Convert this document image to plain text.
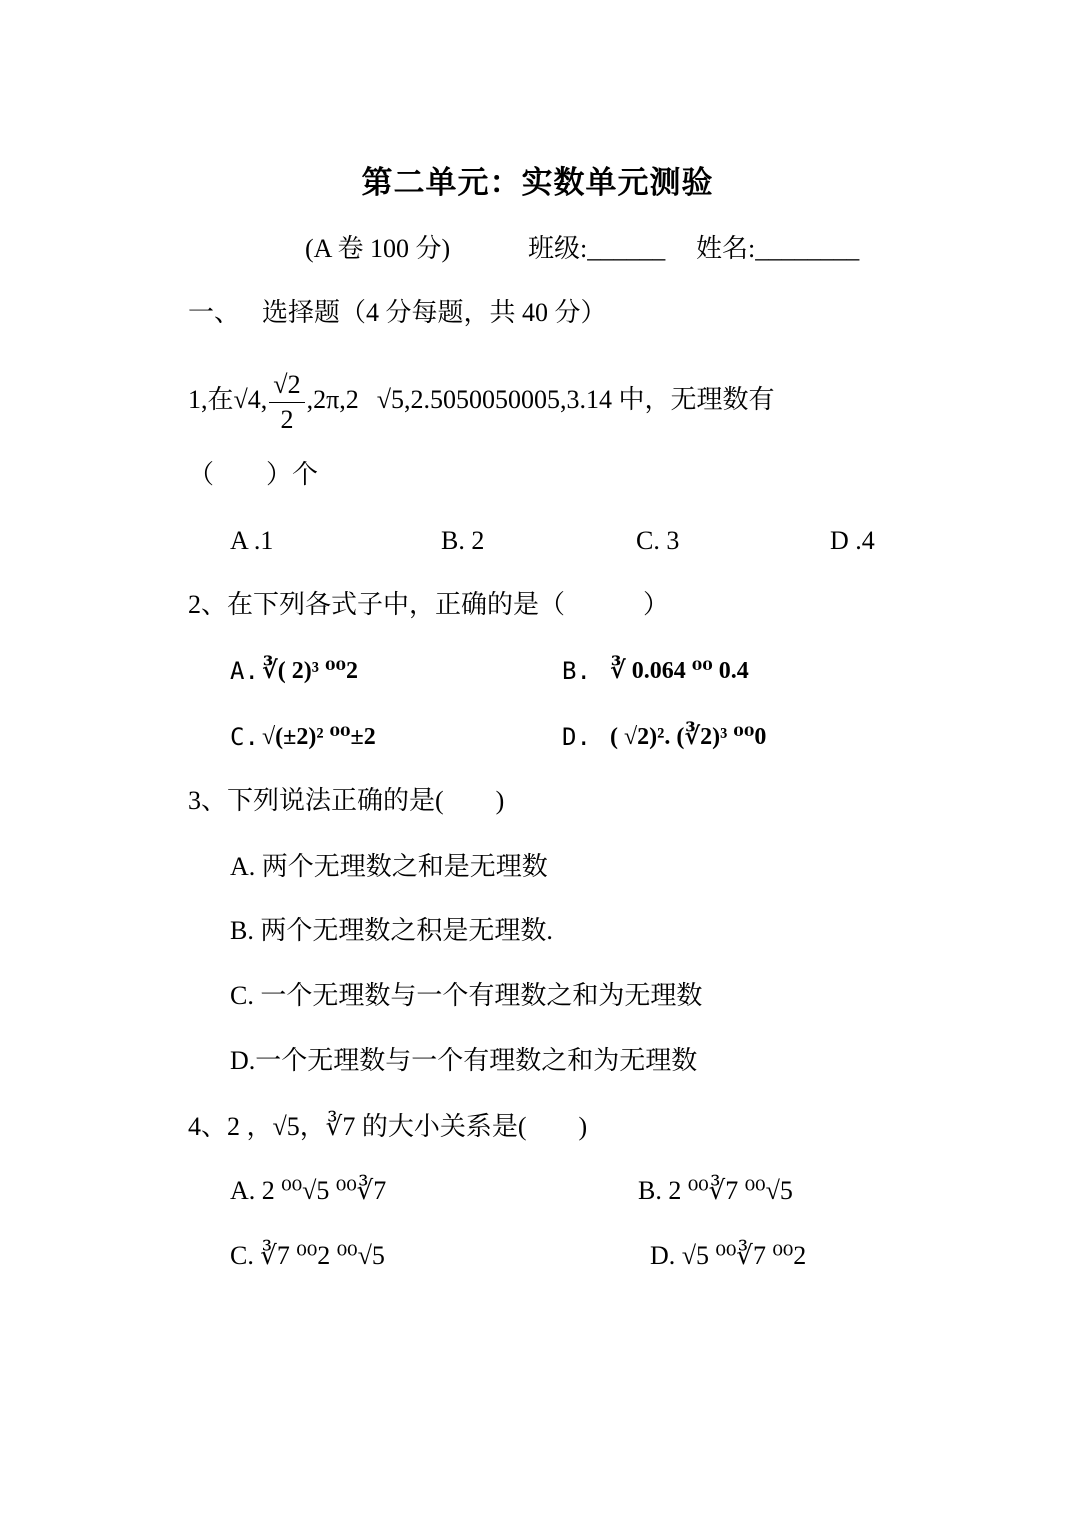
第二单元：实数单元测验
(A 卷 100 分)	班级:______ 姓名:________
一、 选择题（4 分每题，共 40 分）
1,在√4, $\frac{√2}{2} ,2\pi,2$ √5,2.5050050005,3.14 中，无理数有
（　　）个
A .1	B. 2	C. 3	D .4
2、在下列各式子中，正确的是（　　　）
A. ∛( 2)³ ⁰⁰2	B. ∛ 0.064 ⁰⁰ 0.4
C. √(±2)² ⁰⁰±2	D. ( √2)². (∛2)³ ⁰⁰0
3、下列说法正确的是(　　)
A. 两个无理数之和是无理数
B. 两个无理数之积是无理数.
C. 一个无理数与一个有理数之和为无理数
D.一个无理数与一个有理数之和为无理数
4、2 ，√5，∛7 的大小关系是(　　)
A. 2 ⁰⁰√5 ⁰⁰∛7	B. 2 ⁰⁰∛7 ⁰⁰√5
C. ∛7 ⁰⁰2 ⁰⁰√5	D. √5 ⁰⁰∛7 ⁰⁰2
